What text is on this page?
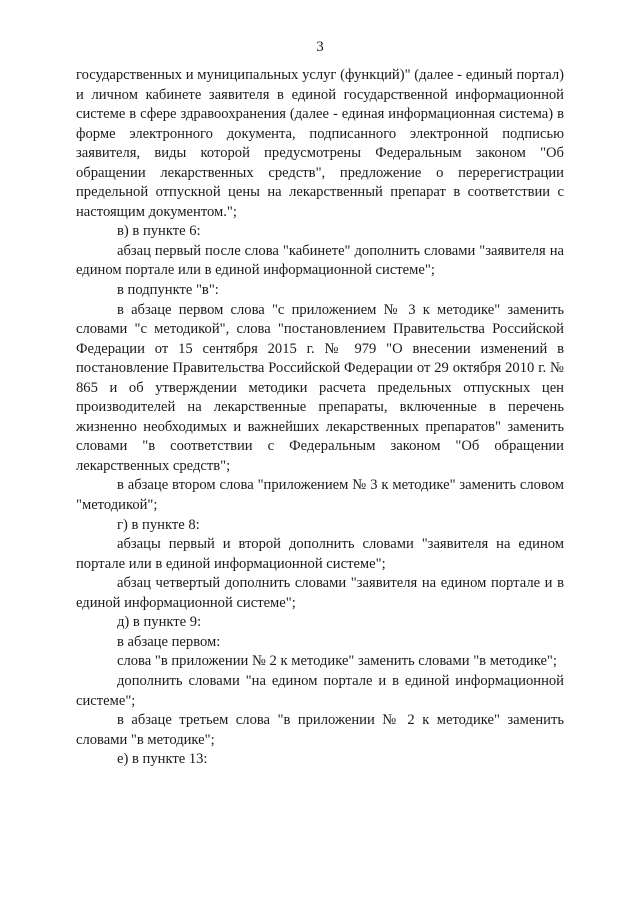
3

государственных и муниципальных услуг (функций)" (далее - единый портал) и личном кабинете заявителя в единой государственной информационной системе в сфере здравоохранения (далее - единая информационная система) в форме электронного документа, подписанного электронной подписью заявителя, виды которой предусмотрены Федеральным законом "Об обращении лекарственных средств", предложение о перерегистрации предельной отпускной цены на лекарственный препарат в соответствии с настоящим документом.";

в) в пункте 6:

абзац первый после слова "кабинете" дополнить словами "заявителя на едином портале или в единой информационной системе";

в подпункте "в":

в абзаце первом слова "с приложением № 3 к методике" заменить словами "с методикой", слова "постановлением Правительства Российской Федерации от 15 сентября 2015 г. № 979 "О внесении изменений в постановление Правительства Российской Федерации от 29 октября 2010 г. № 865 и об утверждении методики расчета предельных отпускных цен производителей на лекарственные препараты, включенные в перечень жизненно необходимых и важнейших лекарственных препаратов" заменить словами "в соответствии с Федеральным законом "Об обращении лекарственных средств";

в абзаце втором слова "приложением № 3 к методике" заменить словом "методикой";

г) в пункте 8:

абзацы первый и второй дополнить словами "заявителя на едином портале или в единой информационной системе";

абзац четвертый дополнить словами "заявителя на едином портале и в единой информационной системе";

д) в пункте 9:

в абзаце первом:

слова "в приложении № 2 к методике" заменить словами "в методике";

дополнить словами "на едином портале и в единой информационной системе";

в абзаце третьем слова "в приложении № 2 к методике" заменить словами "в методике";

е) в пункте 13:
